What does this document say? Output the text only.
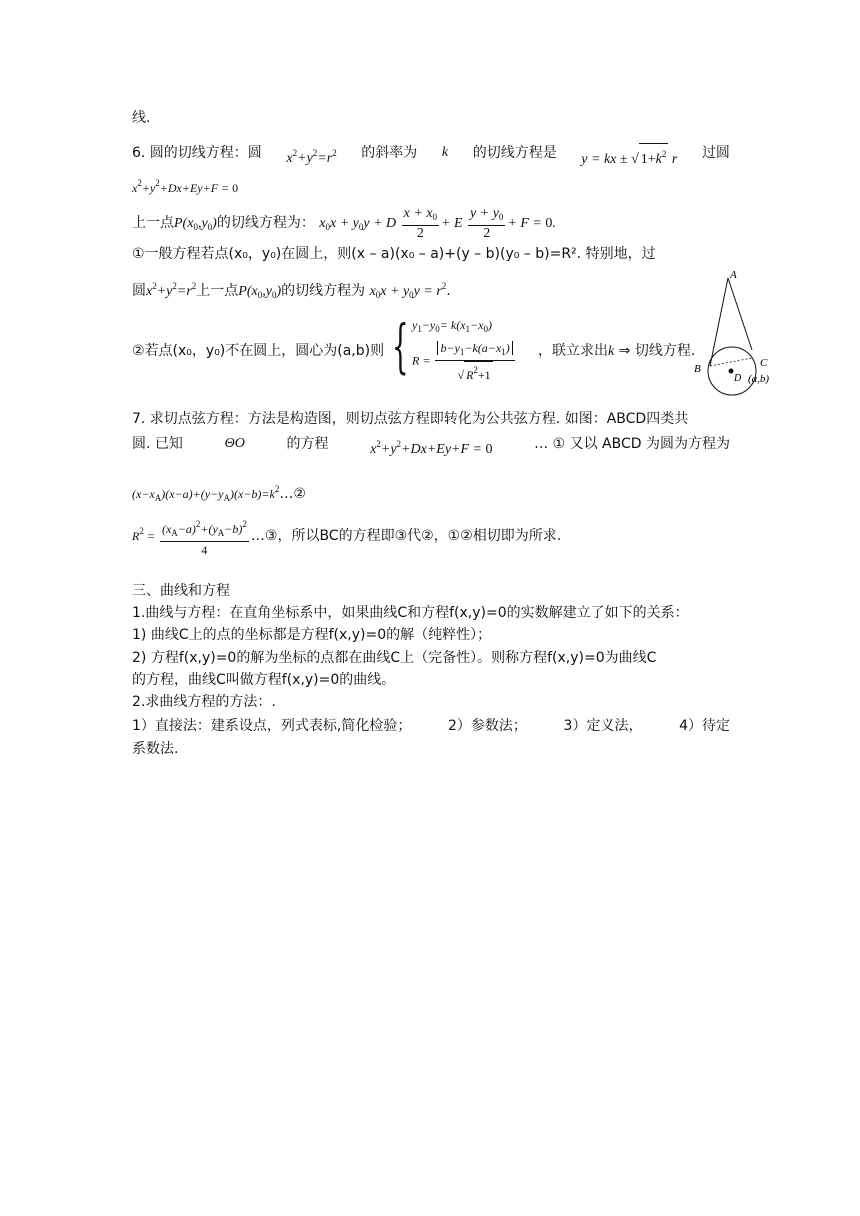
线.
6. 圆的切线方程：圆 $x^2+y^2=r^2$ 的斜率为 k 的切线方程是 y = kx ± √ $1+k^2$ r 过圆
$x^2+y^2+Dx+Ey+F = 0$
上一点$P(x_0,y_0)$的切线方程为： $x_0x + y_0y + D \frac{x + x_0}{2} + E \frac{y + y_0}{2} + F = 0$.
①一般方程若点(x₀，y₀)在圆上，则(x – a)(x₀ – a)+(y – b)(y₀ – b)=R². 特别地，过
圆$x^2+y^2=r^2$上一点$P(x_0,y_0)$的切线方程为 $x_0x + y_0y = r^2$.
②若点(x₀，y₀)不在圆上，圆心为(a,b)则 { $y_1-y_0= k(x_1-x_0)$
$R = \frac{b-y_1-k(a-x_1)}{√ R^2+1}$ ，联立求出k ⇒ 切线方程.
A
B	C
D (a,b)
7. 求切点弦方程：方法是构造图，则切点弦方程即转化为公共弦方程. 如图：ABCD四类共
圆. 已知	ΘO	的方程	$x^2+y^2+Dx+Ey+F = 0$	… ① 又以 ABCD 为圆为方程为
$(x-x_A)(x-a)+(y-y_A)(x-b)=k^2\dots ②$
$R^2 = \frac{(x_A-a)^2+(y_A-b)^2}{4}$ …③，所以BC的方程即③代②，①②相切即为所求.
三、曲线和方程
1.曲线与方程：在直角坐标系中，如果曲线C和方程f(x,y)=0的实数解建立了如下的关系：
1) 曲线C上的点的坐标都是方程f(x,y)=0的解（纯粹性）；
2) 方程f(x,y)=0的解为坐标的点都在曲线C上（完备性）。则称方程f(x,y)=0为曲线C
的方程，曲线C叫做方程f(x,y)=0的曲线。
2.求曲线方程的方法：.
1）直接法：建系设点，列式表标,简化检验；	2）参数法；	3）定义法，	4）待定
系数法.
